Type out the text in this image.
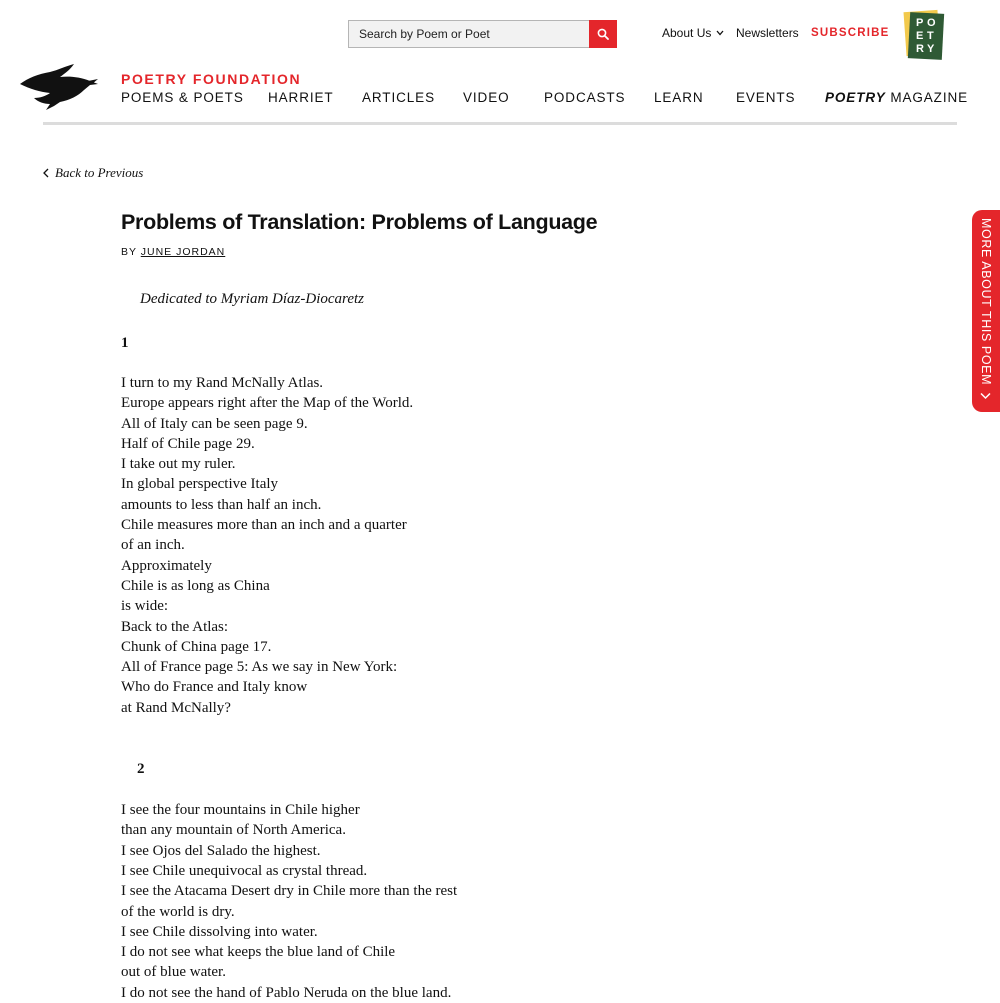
Search by Poem or Poet
About Us Newsletters SUBSCRIBE
P O
E T
R Y
POETRY FOUNDATION
POEMS & POETS HARRIET ARTICLES VIDEO	PODCASTS LEARN EVENTS POETRY MAGAZINE
Back to Previous
Problems of Translation: Problems of Language
BY JUNE JORDAN
Dedicated to Myriam Díaz-Diocaretz
1
I turn to my Rand McNally Atlas.
Europe appears right after the Map of the World.
All of Italy can be seen page 9.
Half of Chile page 29.
I take out my ruler.
In global perspective Italy
amounts to less than half an inch.
Chile measures more than an inch and a quarter
of an inch.
Approximately
Chile is as long as China
is wide:
Back to the Atlas:
Chunk of China page 17.
All of France page 5: As we say in New York:
Who do France and Italy know
at Rand McNally?
2
I see the four mountains in Chile higher
than any mountain of North America.
I see Ojos del Salado the highest.
I see Chile unequivocal as crystal thread.
I see the Atacama Desert dry in Chile more than the rest
of the world is dry.
I see Chile dissolving into water.
I do not see what keeps the blue land of Chile
out of blue water.
I do not see the hand of Pablo Neruda on the blue land.
MORE ABOUT THIS POEM
